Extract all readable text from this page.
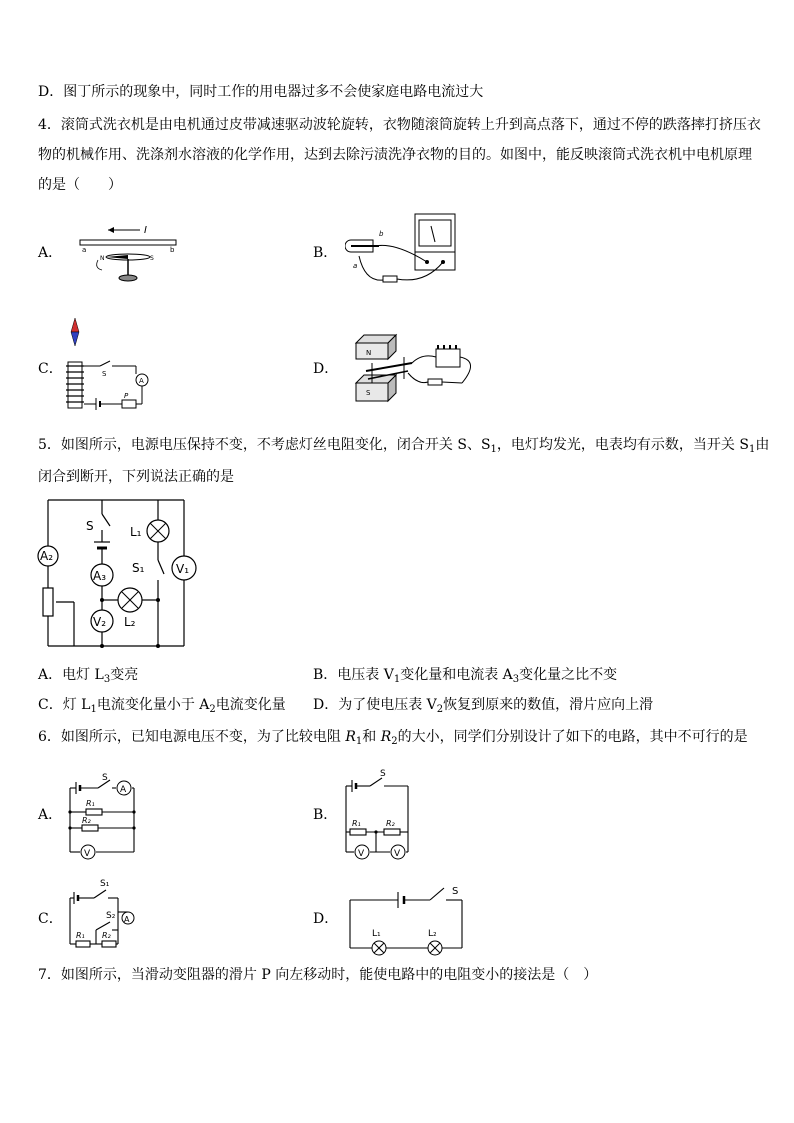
D．图丁所示的现象中，同时工作的用电器过多不会使家庭电路电流过大
4．滚筒式洗衣机是由电机通过皮带减速驱动波轮旋转，衣物随滚筒旋转上升到高点落下，通过不停的跌落摔打挤压衣
物的机械作用、洗涤剂水溶液的化学作用，达到去除污渍洗净衣物的目的。如图中，能反映滚筒式洗衣机中电机原理
的是（　　）
A．
I
a	b
N	S	B．
b
a
C．	S
A
P
D．
N
S
5．如图所示，电源电压保持不变，不考虑灯丝电阻变化，闭合开关 S、$S_1$，电灯均发光，电表均有示数，当开关 $S_1$由
闭合到断开，下列说法正确的是
A₂
A₃
V₂
V₁
S
S₁
L₁
L₂
A．电灯 $L_3$变亮	B．电压表 $V_1$变化量和电流表 $A_3$变化量之比不变
C．灯 $L_1$电流变化量小于 $A_2$电流变化量 D．为了使电压表 $V_2$恢复到原来的数值，滑片应向上滑
6．如图所示，已知电源电压不变，为了比较电阻 $R_1$和 $R_2$的大小，同学们分别设计了如下的电路，其中不可行的是
A．
A
V
S
R₁
R₂	B．
V	V
S
R₁	R₂
C．	A
S₁
S₂
R₁ R₂
D．
S
L₁	L₂
7．如图所示，当滑动变阻器的滑片 P 向左移动时，能使电路中的电阻变小的接法是（　）
